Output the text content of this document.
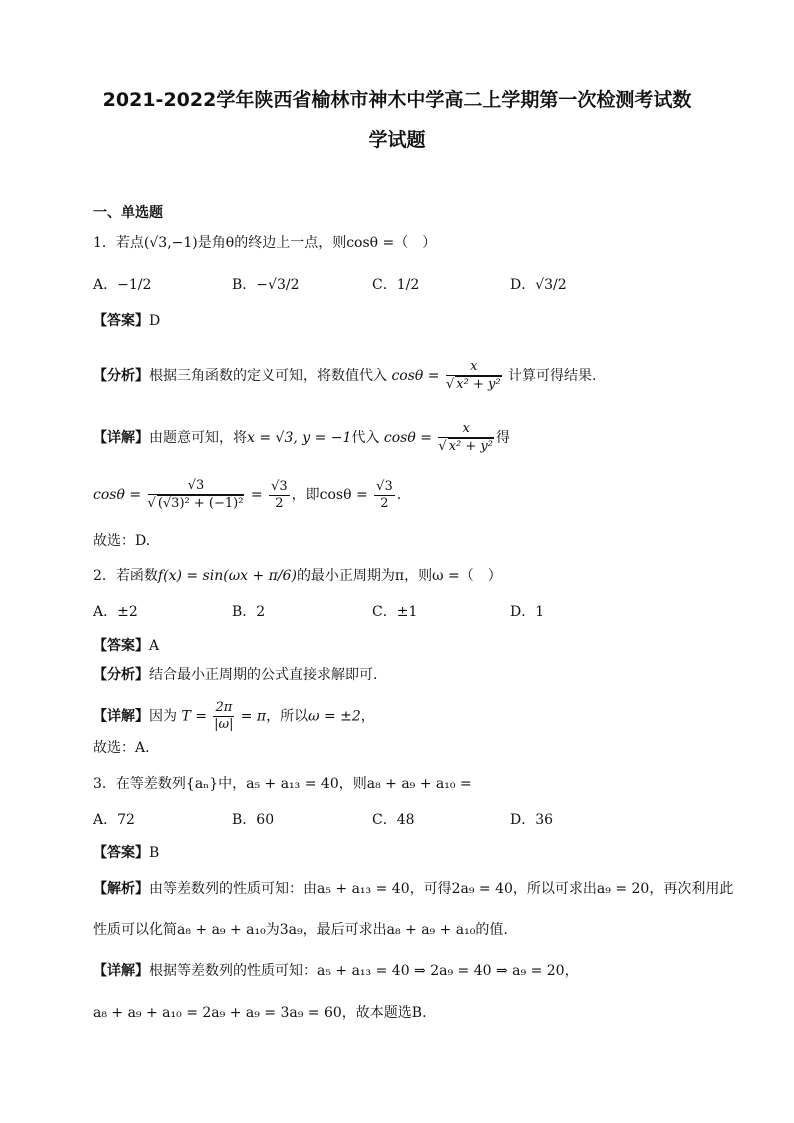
2021-2022学年陕西省榆林市神木中学高二上学期第一次检测考试数
学试题
一、单选题
1．若点(√3,−1)是角θ的终边上一点，则cosθ =（　）
A．−1/2	B．−√3/2	C．1/2	D．√3/2
【答案】D
【分析】根据三角函数的定义可知，将数值代入 $\cos\theta = \frac{x}{\text{√ x² + y²}}$ 计算可得结果.
【详解】由题意可知，将x = √3, y = −1代入 $\cos\theta = \frac{x}{\text{√ x² + y²}}$ 得
$\cos\theta = \frac{√3}{\text{√ (√3)² + (−1)²}} = \frac{√3}{2}$ ，即$\cos\theta = \frac{√3}{2}$ .
故选：D.
2．若函数f(x) = sin(ωx + π/6)的最小正周期为π，则ω =（　）
A．±2	B．2	C．±1	D．1
【答案】A
【分析】结合最小正周期的公式直接求解即可.
【详解】因为 $T = \frac{2\pi}{|\omega|} = \pi$，所以ω = ±2，
故选：A.
3．在等差数列{aₙ}中，a₅ + a₁₃ = 40，则a₈ + a₉ + a₁₀ =
A．72	B．60	C．48	D．36
【答案】B
【解析】由等差数列的性质可知：由a₅ + a₁₃ = 40，可得2a₉ = 40，所以可求出a₉ = 20，再次利用此
性质可以化简a₈ + a₉ + a₁₀为3a₉，最后可求出a₈ + a₉ + a₁₀的值.
【详解】根据等差数列的性质可知：a₅ + a₁₃ = 40 ⇒ 2a₉ = 40 ⇒ a₉ = 20，
a₈ + a₉ + a₁₀ = 2a₉ + a₉ = 3a₉ = 60，故本题选B.
